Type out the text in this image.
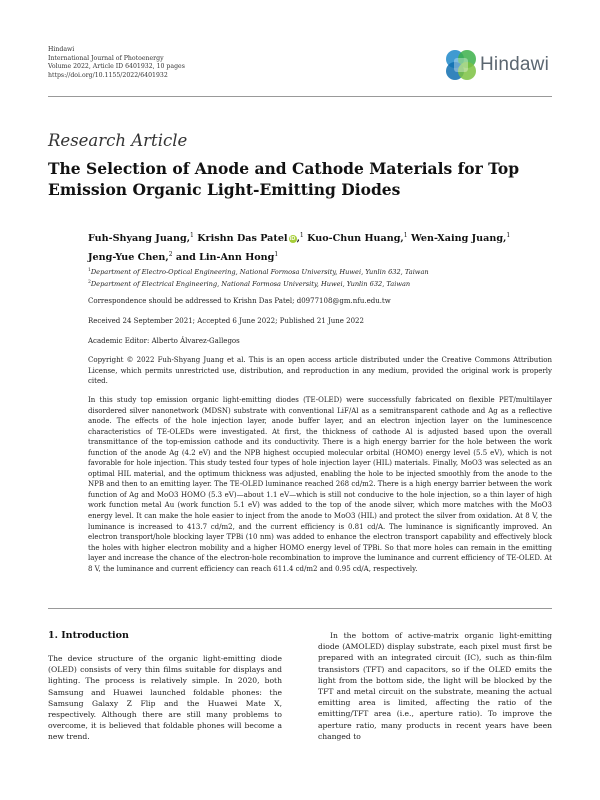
Hindawi
International Journal of Photoenergy
Volume 2022, Article ID 6401932, 10 pages
https://doi.org/10.1155/2022/6401932
Hindawi
Research Article
The Selection of Anode and Cathode Materials for Top Emission Organic Light-Emitting Diodes
Fuh-Shyang Juang,$^1$ Krishn Das Patel iD,$^1$ Kuo-Chun Huang,$^1$ Wen-Xaing Juang,$^1$
Jeng-Yue Chen,$^2$ and Lin-Ann Hong$^1$
$^1$Department of Electro-Optical Engineering, National Formosa University, Huwei, Yunlin 632, Taiwan
$^2$Department of Electrical Engineering, National Formosa University, Huwei, Yunlin 632, Taiwan
Correspondence should be addressed to Krishn Das Patel; d0977108@gm.nfu.edu.tw
Received 24 September 2021; Accepted 6 June 2022; Published 21 June 2022
Academic Editor: Alberto Álvarez-Gallegos
Copyright © 2022 Fuh-Shyang Juang et al. This is an open access article distributed under the Creative Commons Attribution License, which permits unrestricted use, distribution, and reproduction in any medium, provided the original work is properly cited.
In this study top emission organic light-emitting diodes (TE-OLED) were successfully fabricated on flexible PET/multilayer disordered silver nanonetwork (MDSN) substrate with conventional LiF/Al as a semitransparent cathode and Ag as a reflective anode. The effects of the hole injection layer, anode buffer layer, and an electron injection layer on the luminescence characteristics of TE-OLEDs were investigated. At first, the thickness of cathode Al is adjusted based upon the overall transmittance of the top-emission cathode and its conductivity. There is a high energy barrier for the hole between the work function of the anode Ag (4.2 eV) and the NPB highest occupied molecular orbital (HOMO) energy level (5.5 eV), which is not favorable for hole injection. This study tested four types of hole injection layer (HIL) materials. Finally, MoO3 was selected as an optimal HIL material, and the optimum thickness was adjusted, enabling the hole to be injected smoothly from the anode to the NPB and then to an emitting layer. The TE-OLED luminance reached 268 cd/m2. There is a high energy barrier between the work function of Ag and MoO3 HOMO (5.3 eV)—about 1.1 eV—which is still not conducive to the hole injection, so a thin layer of high work function metal Au (work function 5.1 eV) was added to the top of the anode silver, which more matches with the MoO3 energy level. It can make the hole easier to inject from the anode to MoO3 (HIL) and protect the silver from oxidation. At 8 V, the luminance is increased to 413.7 cd/m2, and the current efficiency is 0.81 cd/A. The luminance is significantly improved. An electron transport/hole blocking layer TPBi (10 nm) was added to enhance the electron transport capability and effectively block the holes with higher electron mobility and a higher HOMO energy level of TPBi. So that more holes can remain in the emitting layer and increase the chance of the electron-hole recombination to improve the luminance and current efficiency of TE-OLED. At 8 V, the luminance and current efficiency can reach 611.4 cd/m2 and 0.95 cd/A, respectively.
1. Introduction
The device structure of the organic light-emitting diode (OLED) consists of very thin films suitable for displays and lighting. The process is relatively simple. In 2020, both Samsung and Huawei launched foldable phones: the Samsung Galaxy Z Flip and the Huawei Mate X, respectively. Although there are still many problems to overcome, it is believed that foldable phones will become a new trend.
In the bottom of active-matrix organic light-emitting diode (AMOLED) display substrate, each pixel must first be prepared with an integrated circuit (IC), such as thin-film transistors (TFT) and capacitors, so if the OLED emits the light from the bottom side, the light will be blocked by the TFT and metal circuit on the substrate, meaning the actual emitting area is limited, affecting the ratio of the emitting/TFT area (i.e., aperture ratio). To improve the aperture ratio, many products in recent years have been changed to
